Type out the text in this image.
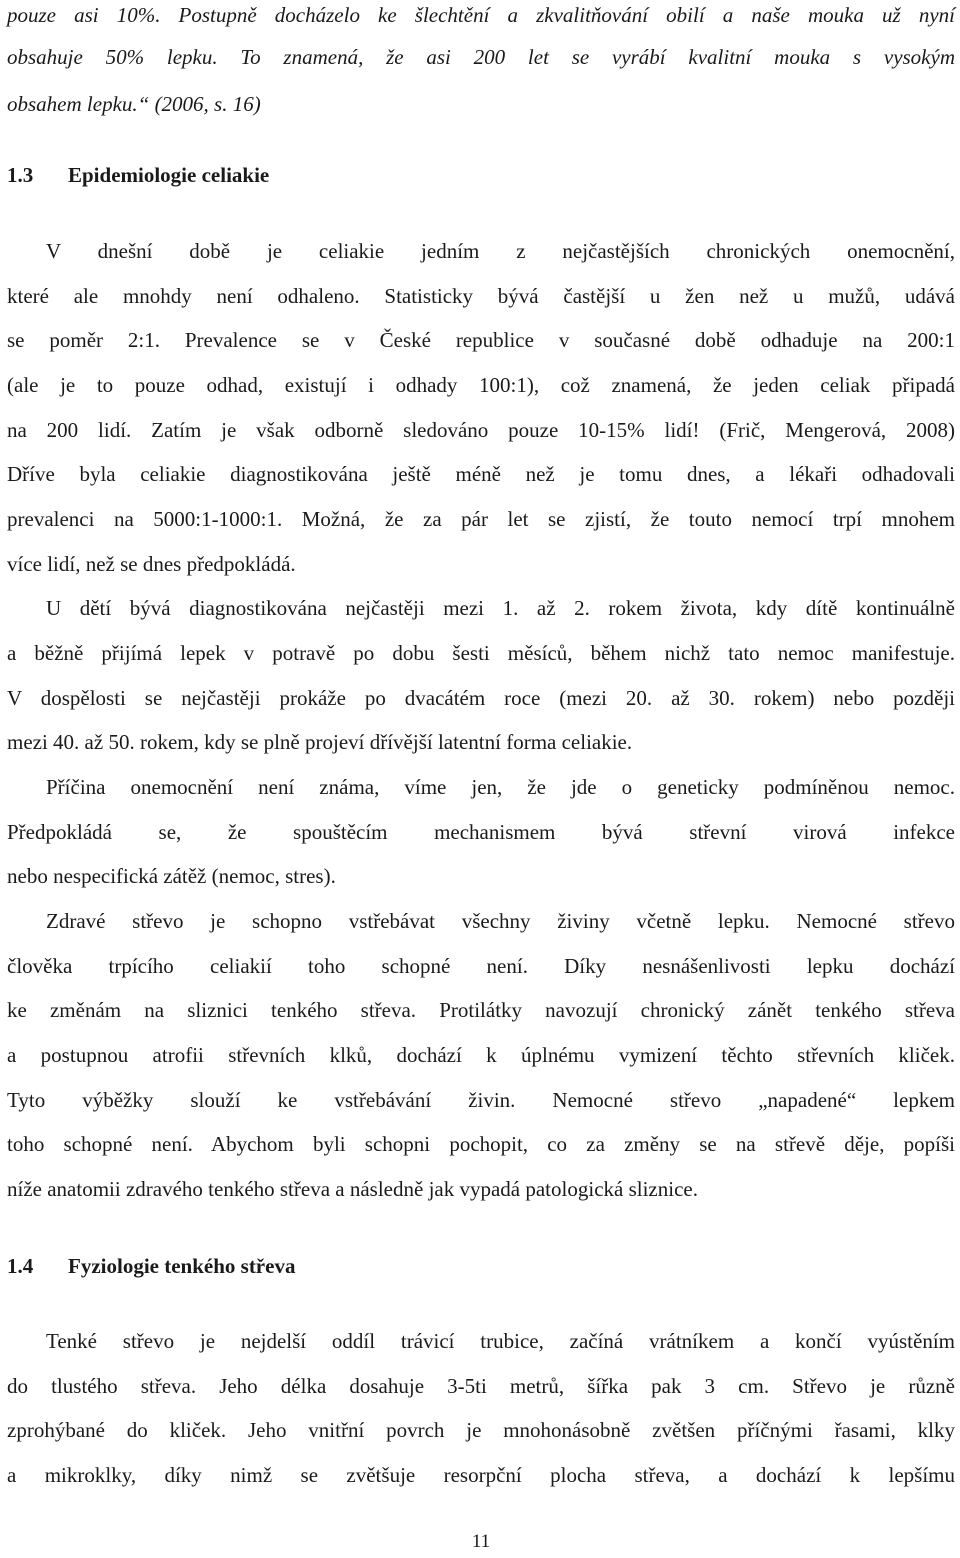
pouze asi 10%. Postupně docházelo ke šlechtění a zkvalitňování obilí a naše mouka už nyní
obsahuje 50% lepku. To znamená, že asi 200 let se vyrábí kvalitní mouka s vysokým
obsahem lepku.“ (2006, s. 16)
1.3 Epidemiologie celiakie
V dnešní době je celiakie jedním z nejčastějších chronických onemocnění,
které ale mnohdy není odhaleno. Statisticky bývá častější u žen než u mužů, udává
se poměr 2:1. Prevalence se v České republice v současné době odhaduje na 200:1
(ale je to pouze odhad, existují i odhady 100:1), což znamená, že jeden celiak připadá
na 200 lidí. Zatím je však odborně sledováno pouze 10-15% lidí! (Frič, Mengerová, 2008)
Dříve byla celiakie diagnostikována ještě méně než je tomu dnes, a lékaři odhadovali
prevalenci na 5000:1-1000:1. Možná, že za pár let se zjistí, že touto nemocí trpí mnohem
více lidí, než se dnes předpokládá.
U dětí bývá diagnostikována nejčastěji mezi 1. až 2. rokem života, kdy dítě kontinuálně
a běžně přijímá lepek v potravě po dobu šesti měsíců, během nichž tato nemoc manifestuje.
V dospělosti se nejčastěji prokáže po dvacátém roce (mezi 20. až 30. rokem) nebo později
mezi 40. až 50. rokem, kdy se plně projeví dřívější latentní forma celiakie.
Příčina onemocnění není známa, víme jen, že jde o geneticky podmíněnou nemoc.
Předpokládá se, že spouštěcím mechanismem bývá střevní virová infekce
nebo nespecifická zátěž (nemoc, stres).
Zdravé střevo je schopno vstřebávat všechny živiny včetně lepku. Nemocné střevo
člověka trpícího celiakií toho schopné není. Díky nesnášenlivosti lepku dochází
ke změnám na sliznici tenkého střeva. Protilátky navozují chronický zánět tenkého střeva
a postupnou atrofii střevních klků, dochází k úplnému vymizení těchto střevních kliček.
Tyto výběžky slouží ke vstřebávání živin. Nemocné střevo „napadené“ lepkem
toho schopné není. Abychom byli schopni pochopit, co za změny se na střevě děje, popíši
níže anatomii zdravého tenkého střeva a následně jak vypadá patologická sliznice.
1.4 Fyziologie tenkého střeva
Tenké střevo je nejdelší oddíl trávicí trubice, začíná vrátníkem a končí vyústěním
do tlustého střeva. Jeho délka dosahuje 3-5ti metrů, šířka pak 3 cm. Střevo je různě
zprohýbané do kliček. Jeho vnitřní povrch je mnohonásobně zvětšen příčnými řasami, klky
a mikroklky, díky nimž se zvětšuje resorpční plocha střeva, a dochází k lepšímu
11
